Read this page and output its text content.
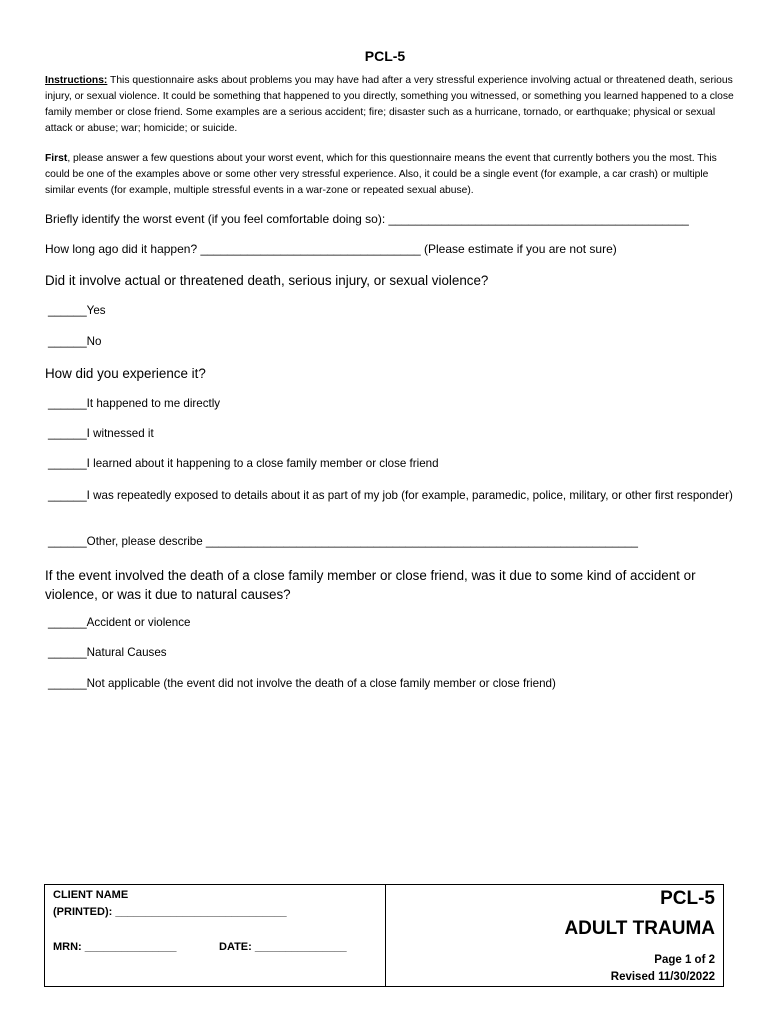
PCL-5
Instructions: This questionnaire asks about problems you may have had after a very stressful experience involving actual or threatened death, serious injury, or sexual violence. It could be something that happened to you directly, something you witnessed, or something you learned happened to a close family member or close friend. Some examples are a serious accident; fire; disaster such as a hurricane, tornado, or earthquake; physical or sexual attack or abuse; war; homicide; or suicide.
First, please answer a few questions about your worst event, which for this questionnaire means the event that currently bothers you the most. This could be one of the examples above or some other very stressful experience. Also, it could be a single event (for example, a car crash) or multiple similar events (for example, multiple stressful events in a war-zone or repeated sexual abuse).
Briefly identify the worst event (if you feel comfortable doing so): _____________________________________________
How long ago did it happen? _________________________________ (Please estimate if you are not sure)
Did it involve actual or threatened death, serious injury, or sexual violence?
______Yes
______No
How did you experience it?
______It happened to me directly
______I witnessed it
______I learned about it happening to a close family member or close friend
______I was repeatedly exposed to details about it as part of my job (for example, paramedic, police, military, or other first responder)
______Other, please describe ___________________________________________________________________
If the event involved the death of a close family member or close friend, was it due to some kind of accident or violence, or was it due to natural causes?
______Accident or violence
______Natural Causes
______Not applicable (the event did not involve the death of a close family member or close friend)
CLIENT NAME
(PRINTED): ____________________________
MRN: _______________	DATE: _______________
PCL-5
ADULT TRAUMA
Page 1 of 2
Revised 11/30/2022
